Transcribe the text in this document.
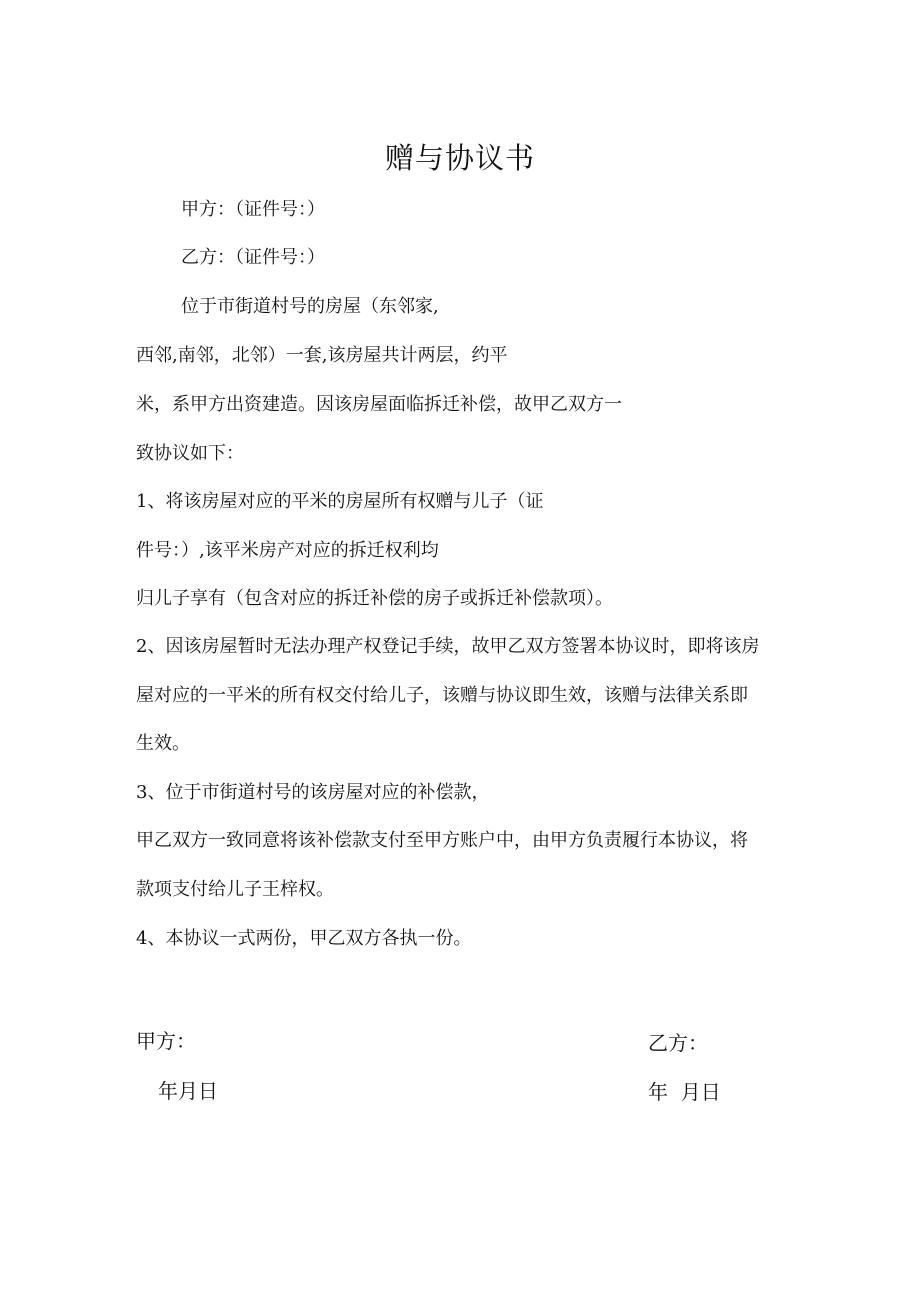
赠与协议书
甲方：（证件号：）
乙方：（证件号：）
位于市街道村号的房屋（东邻家,
西邻,南邻，北邻）一套,该房屋共计两层，约平
米，系甲方出资建造。因该房屋面临拆迁补偿，故甲乙双方一
致协议如下：
1、将该房屋对应的平米的房屋所有权赠与儿子（证
件号：）,该平米房产对应的拆迁权利均
归儿子享有（包含对应的拆迁补偿的房子或拆迁补偿款项）。
2、因该房屋暂时无法办理产权登记手续，故甲乙双方签署本协议时，即将该房
屋对应的一平米的所有权交付给儿子，该赠与协议即生效，该赠与法律关系即
生效。
3、位于市街道村号的该房屋对应的补偿款，
甲乙双方一致同意将该补偿款支付至甲方账户中，由甲方负责履行本协议，将
款项支付给儿子王梓权。
4、本协议一式两份，甲乙双方各执一份。
甲方：
年月日
乙方：
年  月日
